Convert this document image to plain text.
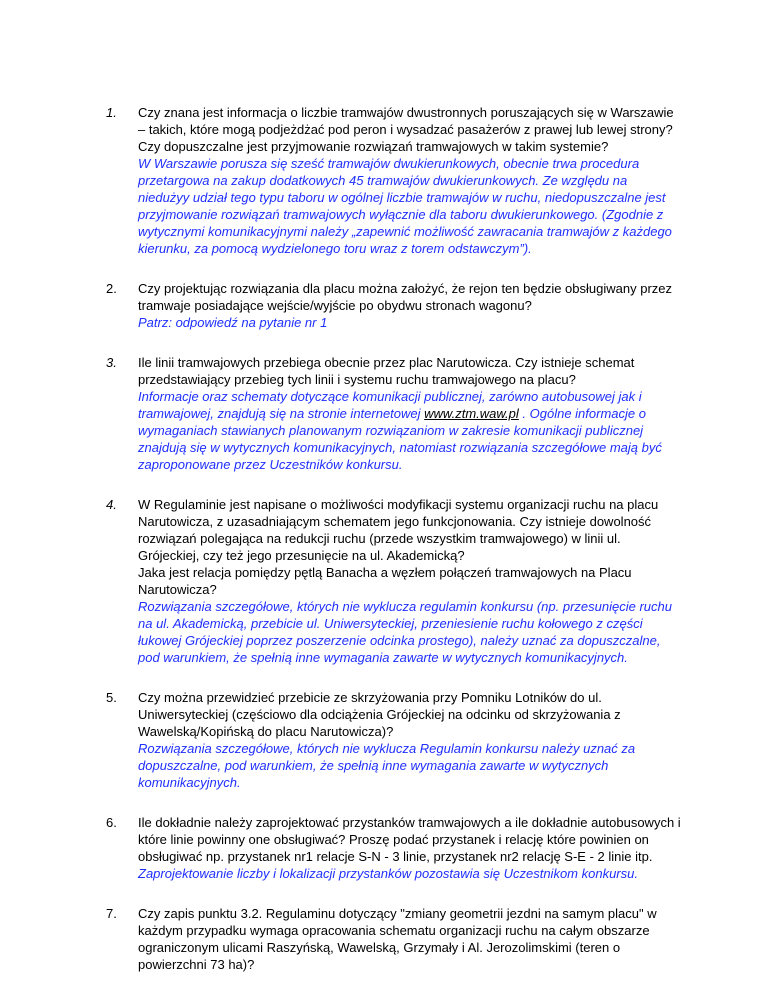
1. Czy znana jest informacja o liczbie tramwajów dwustronnych poruszających się w Warszawie – takich, które mogą podjeżdżać pod peron i wysadzać pasażerów z prawej lub lewej strony? Czy dopuszczalne jest przyjmowanie rozwiązań tramwajowych w takim systemie?
W Warszawie porusza się sześć tramwajów dwukierunkowych, obecnie trwa procedura przetargowa na zakup dodatkowych 45 tramwajów dwukierunkowych. Ze względu na niedużyy udział tego typu taboru w ogólnej liczbie tramwajów w ruchu, niedopuszczalne jest przyjmowanie rozwiązań tramwajowych wyłącznie dla taboru dwukierunkowego. (Zgodnie z wytycznymi komunikacyjnymi należy „zapewnić możliwość zawracania tramwajów z każdego kierunku, za pomocą wydzielonego toru wraz z torem odstawczym”).
2. Czy projektując rozwiązania dla placu można założyć, że rejon ten będzie obsługiwany przez tramwaje posiadające wejście/wyjście po obydwu stronach wagonu?
Patrz: odpowiedź na pytanie nr 1
3. Ile linii tramwajowych przebiega obecnie przez plac Narutowicza. Czy istnieje schemat przedstawiający przebieg tych linii i systemu ruchu tramwajowego na placu?
Informacje oraz schematy dotyczące komunikacji publicznej, zarówno autobusowej jak i tramwajowej, znajdują się na stronie internetowej www.ztm.waw.pl . Ogólne informacje o wymaganiach stawianych planowanym rozwiązaniom w zakresie komunikacji publicznej znajdują się w wytycznych komunikacyjnych, natomiast rozwiązania szczegółowe mają być zaproponowane przez Uczestników konkursu.
4. W Regulaminie jest napisane o możliwości modyfikacji systemu organizacji ruchu na placu Narutowicza, z uzasadniającym schematem jego funkcjonowania. Czy istnieje dowolność rozwiązań polegająca na redukcji ruchu (przede wszystkim tramwajowego) w linii ul. Grójeckiej, czy też jego przesunięcie na ul. Akademicką?
Jaka jest relacja pomiędzy pętlą Banacha a węzłem połączeń tramwajowych na Placu Narutowicza?
Rozwiązania szczegółowe, których nie wyklucza regulamin konkursu (np. przesunięcie ruchu na ul. Akademicką, przebicie ul. Uniwersyteckiej, przeniesienie ruchu kołowego z części łukowej Grójeckiej poprzez poszerzenie odcinka prostego), należy uznać za dopuszczalne, pod warunkiem, że spełnią inne wymagania zawarte w wytycznych komunikacyjnych.
5. Czy można przewidzieć przebicie ze skrzyżowania przy Pomniku Lotników do ul. Uniwersyteckiej (częściowo dla odciążenia Grójeckiej na odcinku od skrzyżowania z Wawelską/Kopińską do placu Narutowicza)?
Rozwiązania szczegółowe, których nie wyklucza Regulamin konkursu należy uznać za dopuszczalne, pod warunkiem, że spełnią inne wymagania zawarte w wytycznych komunikacyjnych.
6. Ile dokładnie należy zaprojektować przystanków tramwajowych a ile dokładnie autobusowych i które linie powinny one obsługiwać? Proszę podać przystanek i relację które powinien on obsługiwać np. przystanek nr1 relacje S-N - 3 linie, przystanek nr2 relację S-E - 2 linie itp.
Zaprojektowanie liczby i lokalizacji przystanków pozostawia się Uczestnikom konkursu.
7. Czy zapis punktu 3.2. Regulaminu dotyczący "zmiany geometrii jezdni na samym placu" w każdym przypadku wymaga opracowania schematu organizacji ruchu na całym obszarze ograniczonym ulicami Raszyńską, Wawelską, Grzymały i Al. Jerozolimskimi (teren o powierzchni 73 ha)?
